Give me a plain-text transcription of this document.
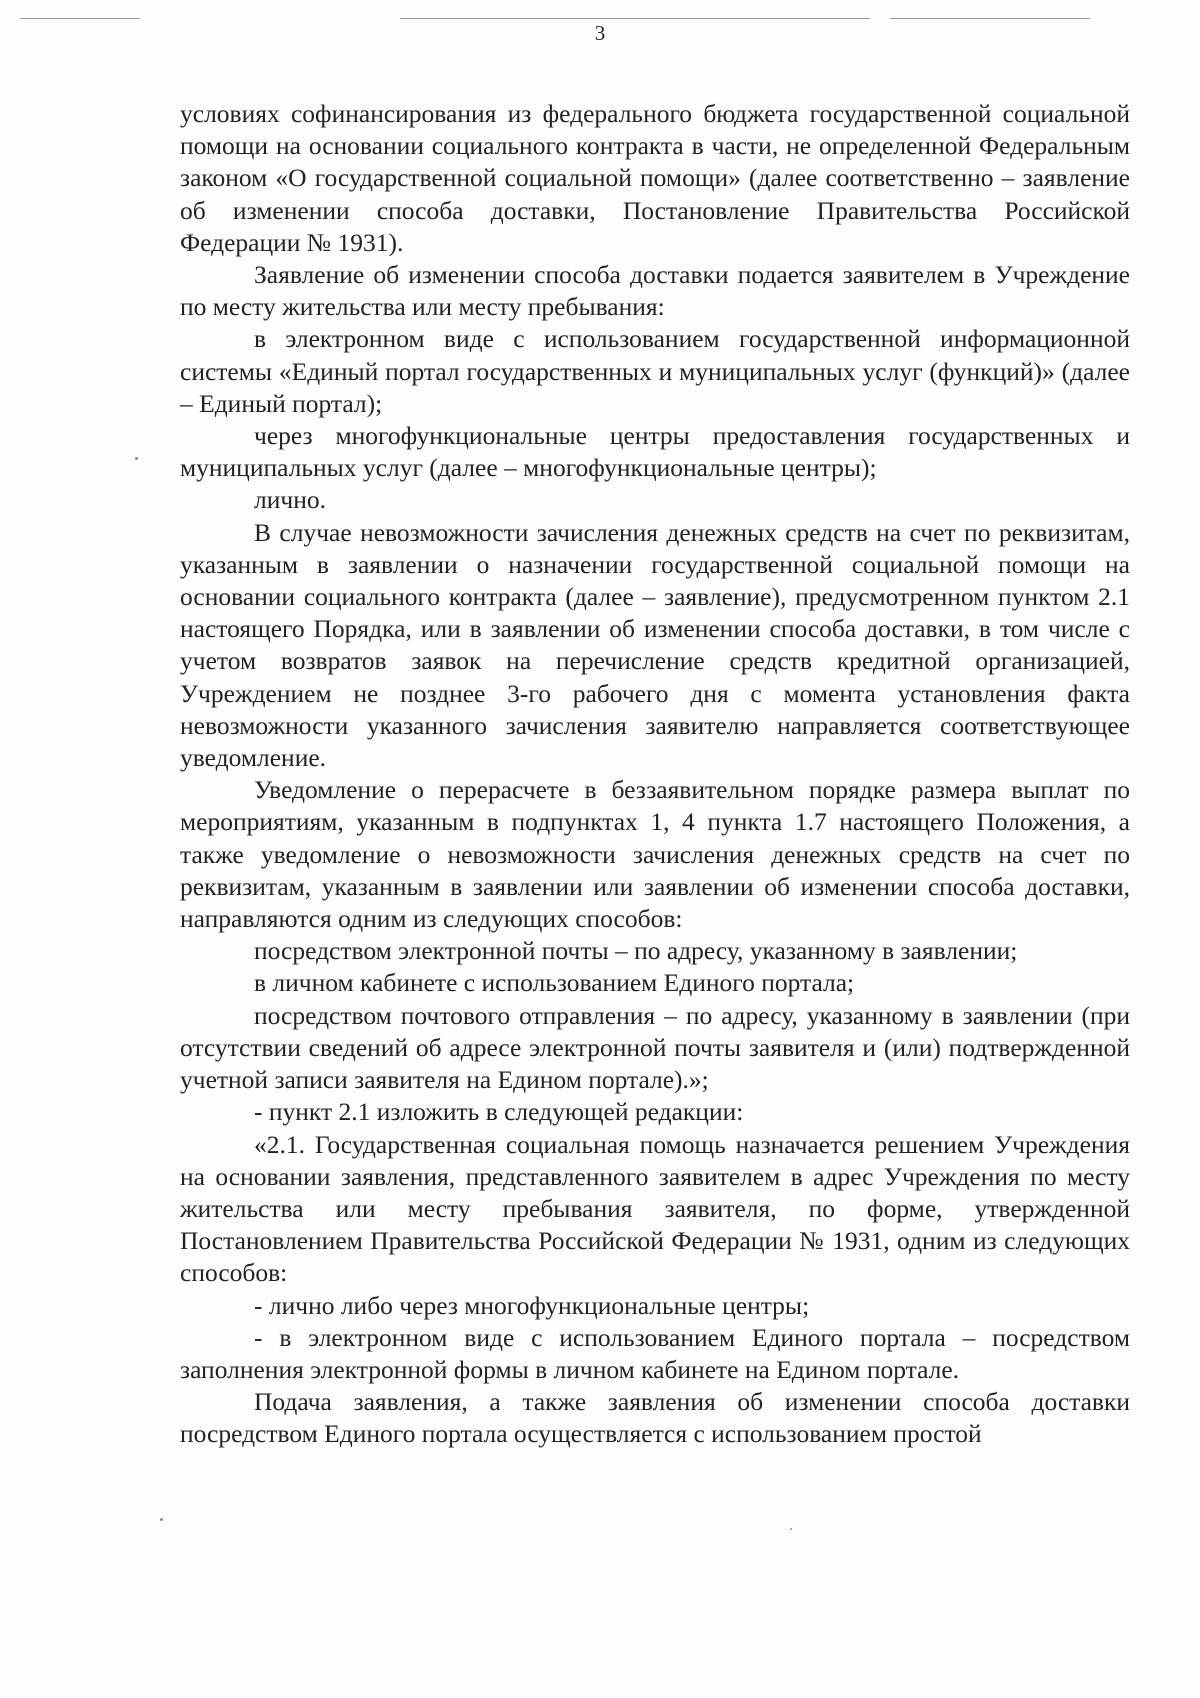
3

условиях софинансирования из федерального бюджета государственной социальной помощи на основании социального контракта в части, не определенной Федеральным законом «О государственной социальной помощи» (далее соответственно – заявление об изменении способа доставки, Постановление Правительства Российской Федерации № 1931).

Заявление об изменении способа доставки подается заявителем в Учреждение по месту жительства или месту пребывания:

в электронном виде с использованием государственной информационной системы «Единый портал государственных и муниципальных услуг (функций)» (далее – Единый портал);

через многофункциональные центры предоставления государственных и муниципальных услуг (далее – многофункциональные центры);

лично.

В случае невозможности зачисления денежных средств на счет по реквизитам, указанным в заявлении о назначении государственной социальной помощи на основании социального контракта (далее – заявление), предусмотренном пунктом 2.1 настоящего Порядка, или в заявлении об изменении способа доставки, в том числе с учетом возвратов заявок на перечисление средств кредитной организацией, Учреждением не позднее 3-го рабочего дня с момента установления факта невозможности указанного зачисления заявителю направляется соответствующее уведомление.

Уведомление о перерасчете в беззаявительном порядке размера выплат по мероприятиям, указанным в подпунктах 1, 4 пункта 1.7 настоящего Положения, а также уведомление о невозможности зачисления денежных средств на счет по реквизитам, указанным в заявлении или заявлении об изменении способа доставки, направляются одним из следующих способов:

посредством электронной почты – по адресу, указанному в заявлении;

в личном кабинете с использованием Единого портала;

посредством почтового отправления – по адресу, указанному в заявлении (при отсутствии сведений об адресе электронной почты заявителя и (или) подтвержденной учетной записи заявителя на Едином портале).»;

- пункт 2.1 изложить в следующей редакции:

«2.1. Государственная социальная помощь назначается решением Учреждения на основании заявления, представленного заявителем в адрес Учреждения по месту жительства или месту пребывания заявителя, по форме, утвержденной Постановлением Правительства Российской Федерации № 1931, одним из следующих способов:

- лично либо через многофункциональные центры;

- в электронном виде с использованием Единого портала – посредством заполнения электронной формы в личном кабинете на Едином портале.

Подача заявления, а также заявления об изменении способа доставки посредством Единого портала осуществляется с использованием простой
